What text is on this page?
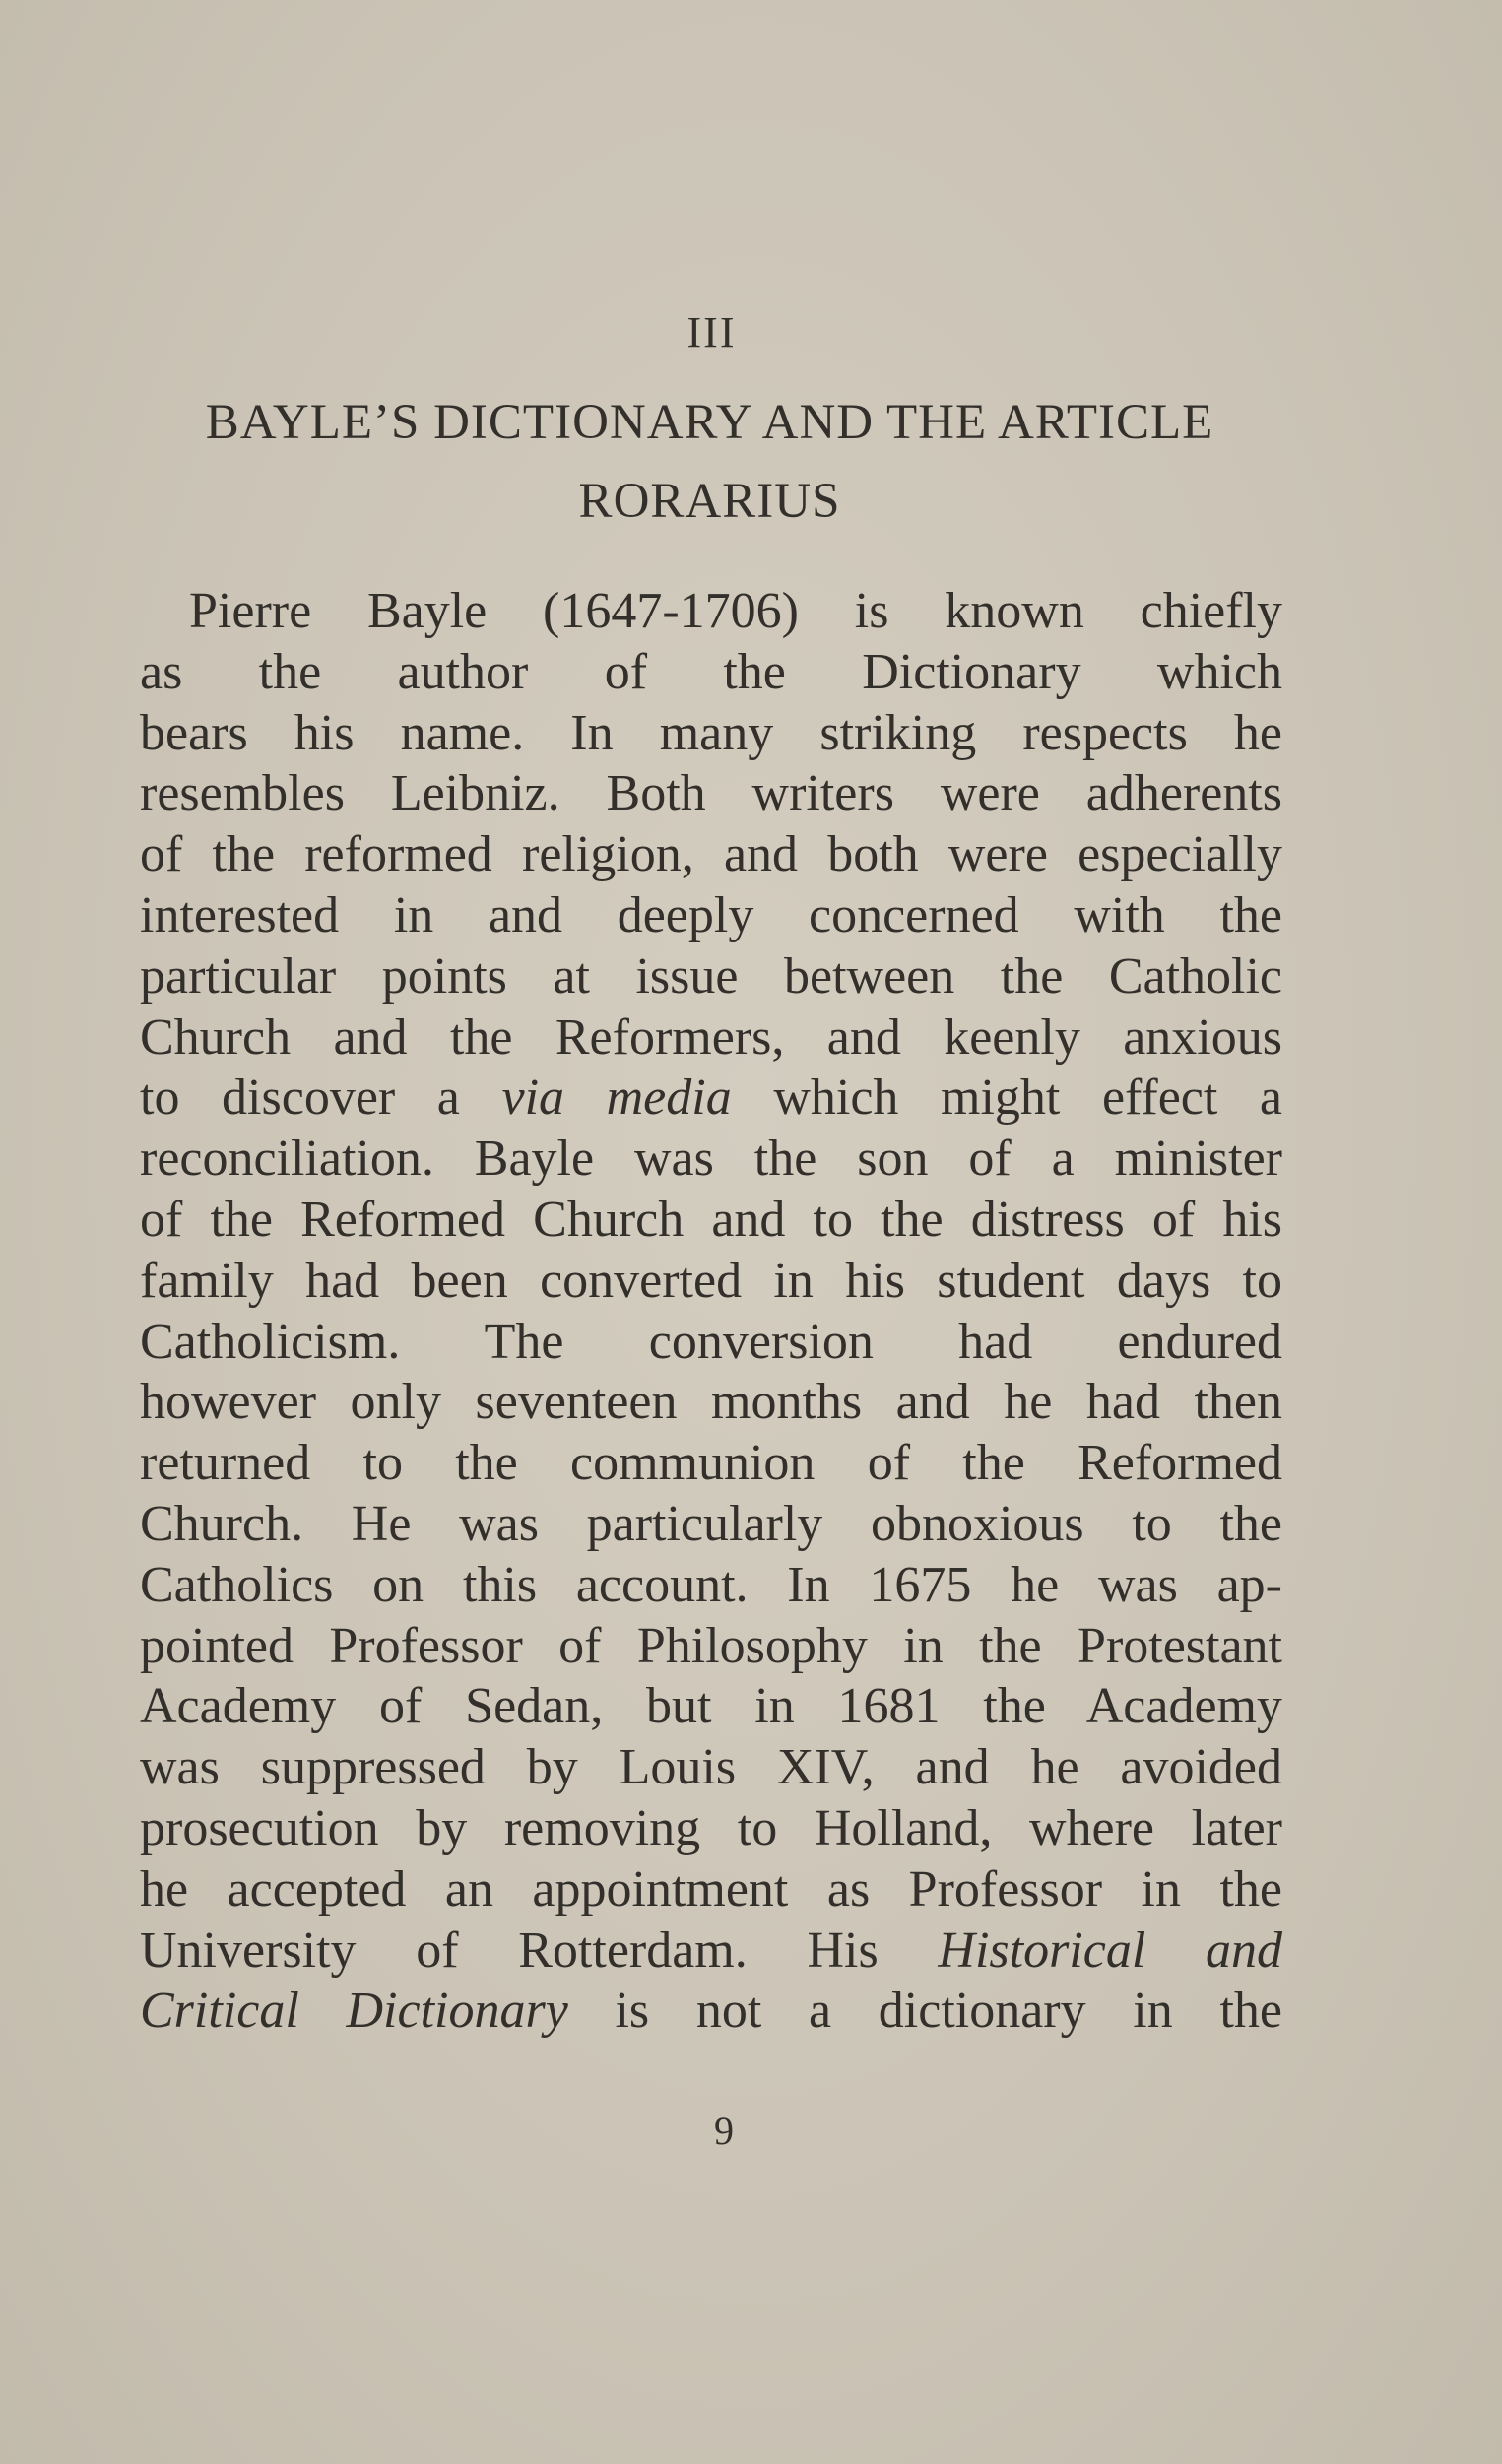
III
BAYLE’S DICTIONARY AND THE ARTICLE
RORARIUS
Pierre Bayle (1647-1706) is known chiefly
as the author of the Dictionary which
bears his name. In many striking respects he
resembles Leibniz. Both writers were adherents
of the reformed religion, and both were especially
interested in and deeply concerned with the
particular points at issue between the Catholic
Church and the Reformers, and keenly anxious
to discover a via media which might effect a
reconciliation. Bayle was the son of a minister
of the Reformed Church and to the distress of his
family had been converted in his student days to
Catholicism. The conversion had endured
however only seventeen months and he had then
returned to the communion of the Reformed
Church. He was particularly obnoxious to the
Catholics on this account. In 1675 he was ap-
pointed Professor of Philosophy in the Protestant
Academy of Sedan, but in 1681 the Academy
was suppressed by Louis XIV, and he avoided
prosecution by removing to Holland, where later
he accepted an appointment as Professor in the
University of Rotterdam. His Historical and
Critical Dictionary is not a dictionary in the
9
